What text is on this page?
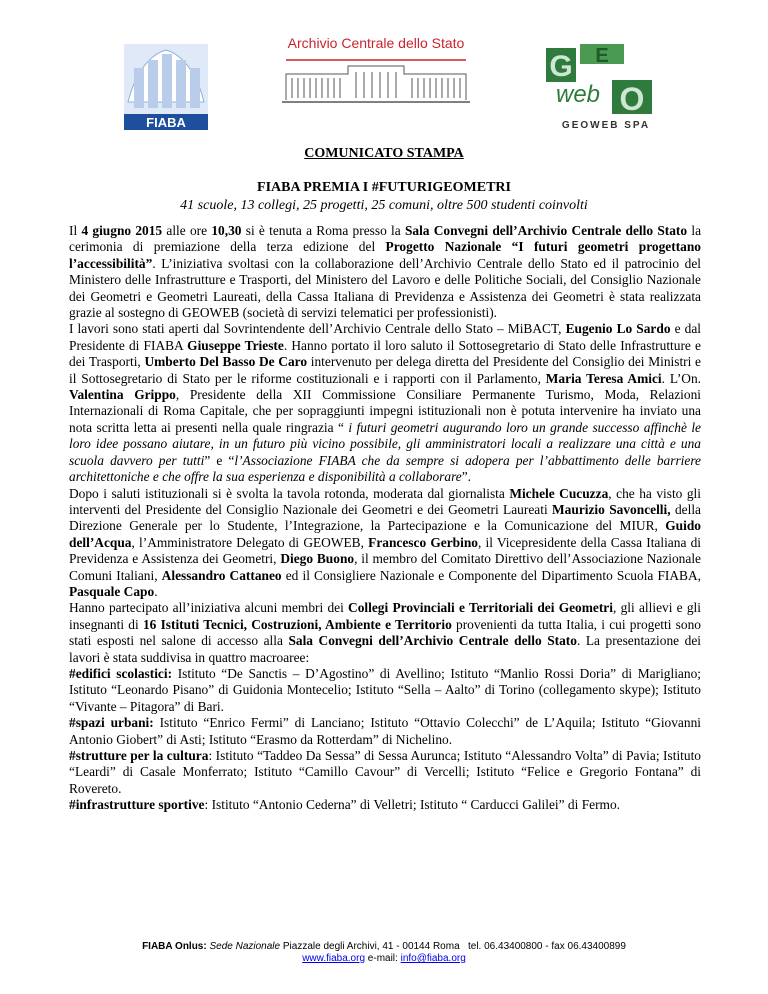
FIABA
Archivio Centrale dello Stato
G E
O
web
GEOWEB SPA

COMUNICATO STAMPA

FIABA PREMIA I #FUTURIGEOMETRI

41 scuole, 13 collegi, 25 progetti, 25 comuni, oltre 500 studenti coinvolti

Il 4 giugno 2015 alle ore 10,30 si è tenuta a Roma presso la Sala Convegni dell’Archivio Centrale dello Stato la cerimonia di premiazione della terza edizione del Progetto Nazionale “I futuri geometri progettano l’accessibilità”. L’iniziativa svoltasi con la collaborazione dell’Archivio Centrale dello Stato ed il patrocinio del Ministero delle Infrastrutture e Trasporti, del Ministero del Lavoro e delle Politiche Sociali, del Consiglio Nazionale dei Geometri e Geometri Laureati, della Cassa Italiana di Previdenza e Assistenza dei Geometri è stata realizzata grazie al sostegno di GEOWEB (società di servizi telematici per professionisti).

I lavori sono stati aperti dal Sovrintendente dell’Archivio Centrale dello Stato – MiBACT, Eugenio Lo Sardo e dal Presidente di FIABA Giuseppe Trieste. Hanno portato il loro saluto il Sottosegretario di Stato delle Infrastrutture e dei Trasporti, Umberto Del Basso De Caro intervenuto per delega diretta del Presidente del Consiglio dei Ministri e il Sottosegretario di Stato per le riforme costituzionali e i rapporti con il Parlamento, Maria Teresa Amici. L’On. Valentina Grippo, Presidente della XII Commissione Consiliare Permanente Turismo, Moda, Relazioni Internazionali di Roma Capitale, che per sopraggiunti impegni istituzionali non è potuta intervenire ha inviato una nota scritta letta ai presenti nella quale ringrazia “ i futuri geometri augurando loro un grande successo affinchè le loro idee possano aiutare, in un futuro più vicino possibile, gli amministratori locali a realizzare una città e una scuola davvero per tutti” e “l’Associazione FIABA che da sempre si adopera per l’abbattimento delle barriere architettoniche e che offre la sua esperienza e disponibilità a collaborare”.

Dopo i saluti istituzionali si è svolta la tavola rotonda, moderata dal giornalista Michele Cucuzza, che ha visto gli interventi del Presidente del Consiglio Nazionale dei Geometri e dei Geometri Laureati Maurizio Savoncelli, della Direzione Generale per lo Studente, l’Integrazione, la Partecipazione e la Comunicazione del MIUR, Guido dell’Acqua, l’Amministratore Delegato di GEOWEB, Francesco Gerbino, il Vicepresidente della Cassa Italiana di Previdenza e Assistenza dei Geometri, Diego Buono, il membro del Comitato Direttivo dell’Associazione Nazionale Comuni Italiani, Alessandro Cattaneo ed il Consigliere Nazionale e Componente del Dipartimento Scuola FIABA, Pasquale Capo.

Hanno partecipato all’iniziativa alcuni membri dei Collegi Provinciali e Territoriali dei Geometri, gli allievi e gli insegnanti di 16 Istituti Tecnici, Costruzioni, Ambiente e Territorio provenienti da tutta Italia, i cui progetti sono stati esposti nel salone di accesso alla Sala Convegni dell’Archivio Centrale dello Stato. La presentazione dei lavori è stata suddivisa in quattro macroaree:

#edifici scolastici: Istituto “De Sanctis – D’Agostino” di Avellino; Istituto “Manlio Rossi Doria” di Marigliano; Istituto “Leonardo Pisano” di Guidonia Montecelio; Istituto “Sella – Aalto” di Torino (collegamento skype); Istituto “Vivante – Pitagora” di Bari.

#spazi urbani: Istituto “Enrico Fermi” di Lanciano; Istituto “Ottavio Colecchi” de L’Aquila; Istituto “Giovanni Antonio Giobert” di Asti; Istituto “Erasmo da Rotterdam” di Nichelino.

#strutture per la cultura: Istituto “Taddeo Da Sessa” di Sessa Aurunca; Istituto “Alessandro Volta” di Pavia; Istituto “Leardi” di Casale Monferrato; Istituto “Camillo Cavour” di Vercelli; Istituto “Felice e Gregorio Fontana” di Rovereto.

#infrastrutture sportive: Istituto “Antonio Cederna” di Velletri; Istituto “ Carducci Galilei” di Fermo.

FIABA Onlus: Sede Nazionale Piazzale degli Archivi, 41 - 00144 Roma tel. 06.43400800 - fax 06.43400899
www.fiaba.org e-mail: info@fiaba.org
